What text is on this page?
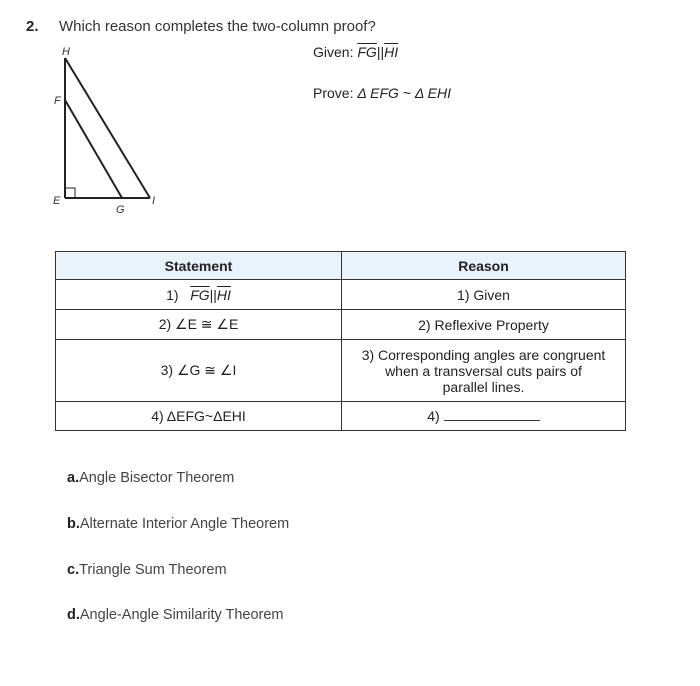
2. Which reason completes the two-column proof?
Given: $\overline{FG}||\overline{HI}$
Prove: Δ EFG ~ Δ EHI
H
F
E
G
I
Statement	Reason
1) $\overline{FG}||\overline{HI}$	1) Given
2) ∠E ≅ ∠E	2) Reflexive Property
3) ∠G ≅ ∠I	3) Corresponding angles are congruent
when a transversal cuts pairs of
parallel lines.

4) ΔEFG~ΔEHI	4)
a.Angle Bisector Theorem
b.Alternate Interior Angle Theorem
c.Triangle Sum Theorem
d.Angle-Angle Similarity Theorem
